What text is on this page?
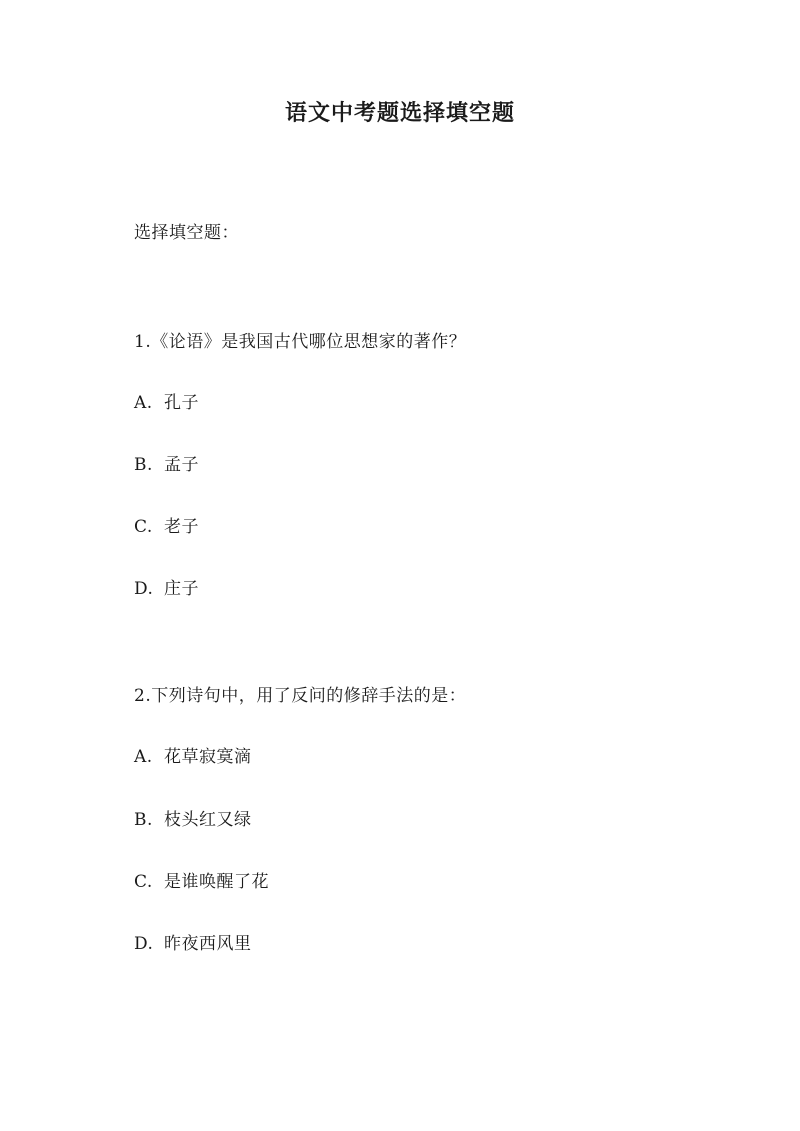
语文中考题选择填空题
选择填空题：
1.《论语》是我国古代哪位思想家的著作？
A. 孔子
B. 孟子
C. 老子
D. 庄子
2.下列诗句中，用了反问的修辞手法的是：
A. 花草寂寞滴
B. 枝头红又绿
C. 是谁唤醒了花
D. 昨夜西风里
